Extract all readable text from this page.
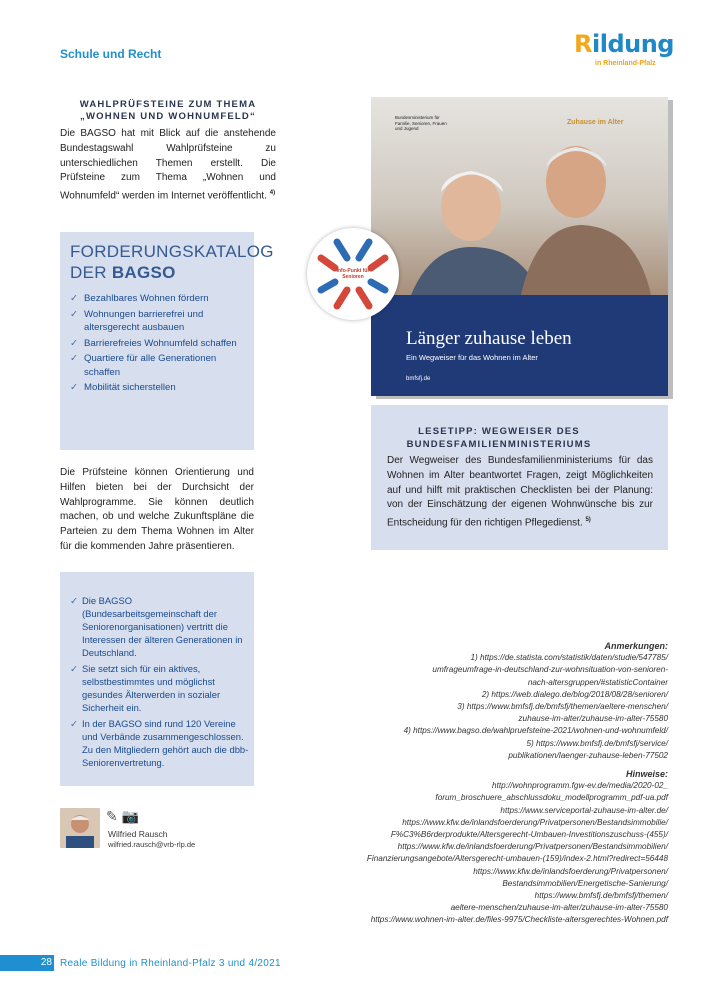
Schule und Recht	Rildung
in Rheinland-Pfalz
WAHLPRÜFSTEINE ZUM THEMA
„WOHNEN UND WOHNUMFELD“
Die BAGSO hat mit Blick auf die anstehende Bundestagswahl Wahlprüfsteine zu unterschiedlichen Themen erstellt. Die Prüfsteine zum Thema „Wohnen und Wohnumfeld“ werden im Internet veröffentlicht. $^{4)}$
FORDERUNGSKATALOG
DER BAGSO
✓ Bezahlbares Wohnen fördern
✓ Wohnungen barrierefrei und altersgerecht ausbauen
✓ Barrierefreies Wohnumfeld schaffen
✓ Quartiere für alle Generationen schaffen
✓ Mobilität sicherstellen
Die Prüfsteine können Orientierung und Hilfen bieten bei der Durchsicht der Wahlprogramme. Sie können deutlich machen, ob und welche Zukunftspläne die Parteien zu dem Thema Wohnen im Alter für die kommenden Jahre präsentieren.
✓ Die BAGSO (Bundesarbeitsgemeinschaft der Seniorenorganisationen) vertritt die Interessen der älteren Generationen in Deutschland.
✓ Sie setzt sich für ein aktives, selbstbestimmtes und möglichst gesundes Älterwerden in sozialer Sicherheit ein.
✓ In der BAGSO sind rund 120 Vereine und Verbände zusammengeschlossen. Zu den Mitgliedern gehört auch die dbb-Seniorenvertretung.
✎📷
Wilfried Rausch
wilfried.rausch@vrb-rlp.de
Bundesministerium für Familie, Senioren, Frauen und Jugend
Zuhause im Alter
Länger zuhause leben
Ein Wegweiser für das Wohnen im Alter
bmfsfj.de
Info-Punkt für Senioren
LESETIPP: WEGWEISER DES
BUNDESFAMILIENMINISTERIUMS
Der Wegweiser des Bundesfamilienministeriums für das Wohnen im Alter beantwortet Fragen, zeigt Möglichkeiten auf und hilft mit praktischen Checklisten bei der Planung: von der Einschätzung der eigenen Wohnwünsche bis zur Entscheidung für den richtigen Pflegedienst. $^{5)}$
Anmerkungen:
1) https://de.statista.com/statistik/daten/studie/547785/
umfrageumfrage-in-deutschland-zur-wohnsituation-von-senioren-
nach-altersgruppen/#statisticContainer
2) https://web.dialego.de/blog/2018/08/28/senioren/
3) https://www.bmfsfj.de/bmfsfj/themen/aeltere-menschen/
zuhause-im-alter/zuhause-im-alter-75580
4) https://www.bagso.de/wahlpruefsteine-2021/wohnen-und-wohnumfeld/
5) https://www.bmfsfj.de/bmfsfj/service/
publikationen/laenger-zuhause-leben-77502
Hinweise:
http://wohnprogramm.fgw-ev.de/media/2020-02_
forum_broschuere_abschlussdoku_modellprogramm_pdf-ua.pdf
https://www.serviceportal-zuhause-im-alter.de/
https://www.kfw.de/inlandsfoerderung/Privatpersonen/Bestandsimmobilie/
F%C3%B6rderprodukte/Altersgerecht-Umbauen-Investitionszuschuss-(455)/
https://www.kfw.de/inlandsfoerderung/Privatpersonen/Bestandsimmobilien/
Finanzierungsangebote/Altersgerecht-umbauen-(159)/index-2.html?redirect=56448
https://www.kfw.de/inlandsfoerderung/Privatpersonen/
Bestandsimmobilien/Energetische-Sanierung/
https://www.bmfsfj.de/bmfsfj/themen/
aeltere-menschen/zuhause-im-alter/zuhause-im-alter-75580
https://www.wohnen-im-alter.de/files-9975/Checkliste-altersgerechtes-Wohnen.pdf
28 Reale Bildung in Rheinland-Pfalz 3 und 4/2021
